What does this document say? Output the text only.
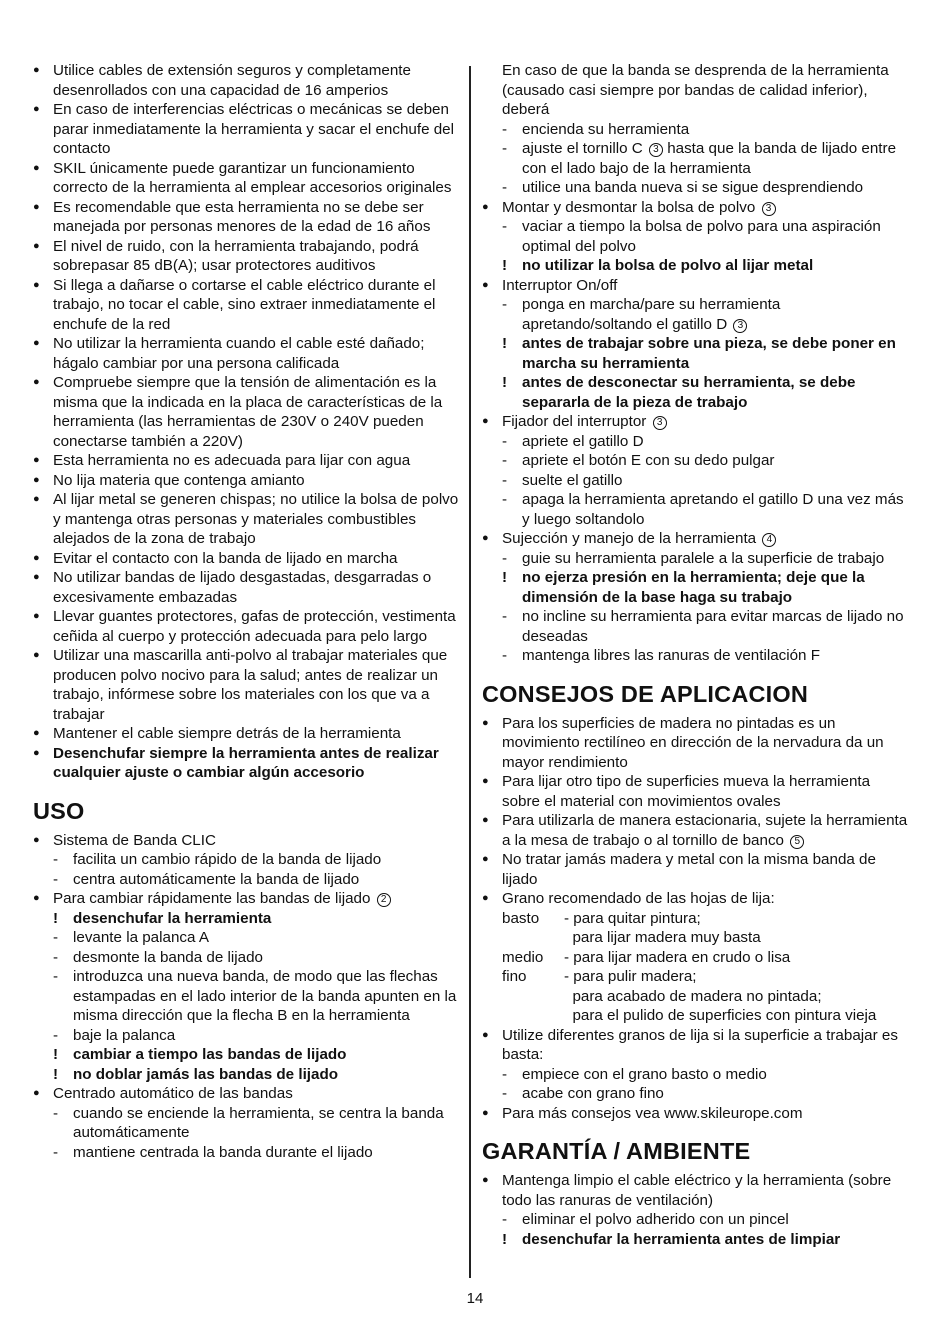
●
Utilice cables de extensión seguros y completamente desenrollados con una capacidad de 16 amperios
●
En caso de interferencias eléctricas o mecánicas se deben parar inmediatamente la herramienta y sacar el enchufe del contacto
●
SKIL únicamente puede garantizar un funcionamiento correcto de la herramienta al emplear accesorios originales
●
Es recomendable que esta herramienta no se debe ser manejada por personas menores de la edad de 16 años
●
El nivel de ruido, con la herramienta trabajando, podrá sobrepasar 85 dB(A); usar protectores auditivos
●
Si llega a dañarse o cortarse el cable eléctrico durante el trabajo, no tocar el cable, sino extraer inmediatamente el enchufe de la red
●
No utilizar la herramienta cuando el cable esté dañado; hágalo cambiar por una persona calificada
●
Compruebe siempre que la tensión de alimentación es la misma que la indicada en la placa de características de la herramienta (las herramientas de 230V o 240V pueden conectarse también a 220V)
●
Esta herramienta no es adecuada para lijar con agua
●
No lija materia que contenga amianto
●
Al lijar metal se generen chispas; no utilice la bolsa de polvo y mantenga otras personas y materiales combustibles alejados de la zona de trabajo
●
Evitar el contacto con la banda de lijado en marcha
●
No utilizar bandas de lijado desgastadas, desgarradas o excesivamente embazadas
●
Llevar guantes protectores, gafas de protección, vestimenta ceñida al cuerpo y protección adecuada para pelo largo
●
Utilizar una mascarilla anti-polvo al trabajar materiales que producen polvo nocivo para la salud; antes de realizar un trabajo, infórmese sobre los materiales con los que va a trabajar
●
Mantener el cable siempre detrás de la herramienta
●
Desenchufar siempre la herramienta antes de realizar cualquier ajuste o cambiar algún accesorio
USO
●
Sistema de Banda CLIC
- facilita un cambio rápido de la banda de lijado
- centra automáticamente la banda de lijado
●
Para cambiar rápidamente las bandas de lijado 2
! desenchufar la herramienta
- levante la palanca A
- desmonte la banda de lijado
- introduzca una nueva banda, de modo que las flechas estampadas en el lado interior de la banda apunten en la misma dirección que la flecha B en la herramienta
- baje la palanca
! cambiar a tiempo las bandas de lijado
! no doblar jamás las bandas de lijado
●
Centrado automático de las bandas
- cuando se enciende la herramienta, se centra la banda automáticamente
- mantiene centrada la banda durante el lijado
En caso de que la banda se desprenda de la herramienta (causado casi siempre por bandas de calidad inferior), deberá
- encienda su herramienta
- ajuste el tornillo C 3 hasta que la banda de lijado entre con el lado bajo de la herramienta
- utilice una banda nueva si se sigue desprendiendo
●
Montar y desmontar la bolsa de polvo 3
- vaciar a tiempo la bolsa de polvo para una aspiración optimal del polvo
! no utilizar la bolsa de polvo al lijar metal
●
Interruptor On/off
- ponga en marcha/pare su herramienta apretando/soltando el gatillo D 3
! antes de trabajar sobre una pieza, se debe poner en marcha su herramienta
! antes de desconectar su herramienta, se debe separarla de la pieza de trabajo
●
Fijador del interruptor 3
- apriete el gatillo D
- apriete el botón E con su dedo pulgar
- suelte el gatillo
- apaga la herramienta apretando el gatillo D una vez más y luego soltandolo
●
Sujección y manejo de la herramienta 4
- guie su herramienta paralele a la superficie de trabajo
! no ejerza presión en la herramienta; deje que la dimensión de la base haga su trabajo
- no incline su herramienta para evitar marcas de lijado no deseadas
- mantenga libres las ranuras de ventilación F
CONSEJOS DE APLICACION
●
Para los superficies de madera no pintadas es un movimiento rectilíneo en dirección de la nervadura da un mayor rendimiento
●
Para lijar otro tipo de superficies mueva la herramienta sobre el material con movimientos ovales
●
Para utilizarla de manera estacionaria, sujete la herramienta a la mesa de trabajo o al tornillo de banco 5
●
No tratar jamás madera y metal con la misma banda de lijado
●
Grano recomendado de las hojas de lija:
basto	- para quitar pintura;
para lijar madera muy basta
medio	- para lijar madera en crudo o lisa
fino	- para pulir madera;
para acabado de madera no pintada;
para el pulido de superficies con pintura vieja
●
Utilize diferentes granos de lija si la superficie a trabajar es basta:
- empiece con el grano basto o medio
- acabe con grano fino
●
Para más consejos vea www.skileurope.com
GARANTÍA / AMBIENTE
●
Mantenga limpio el cable eléctrico y la herramienta (sobre todo las ranuras de ventilación)
- eliminar el polvo adherido con un pincel
! desenchufar la herramienta antes de limpiar
14
